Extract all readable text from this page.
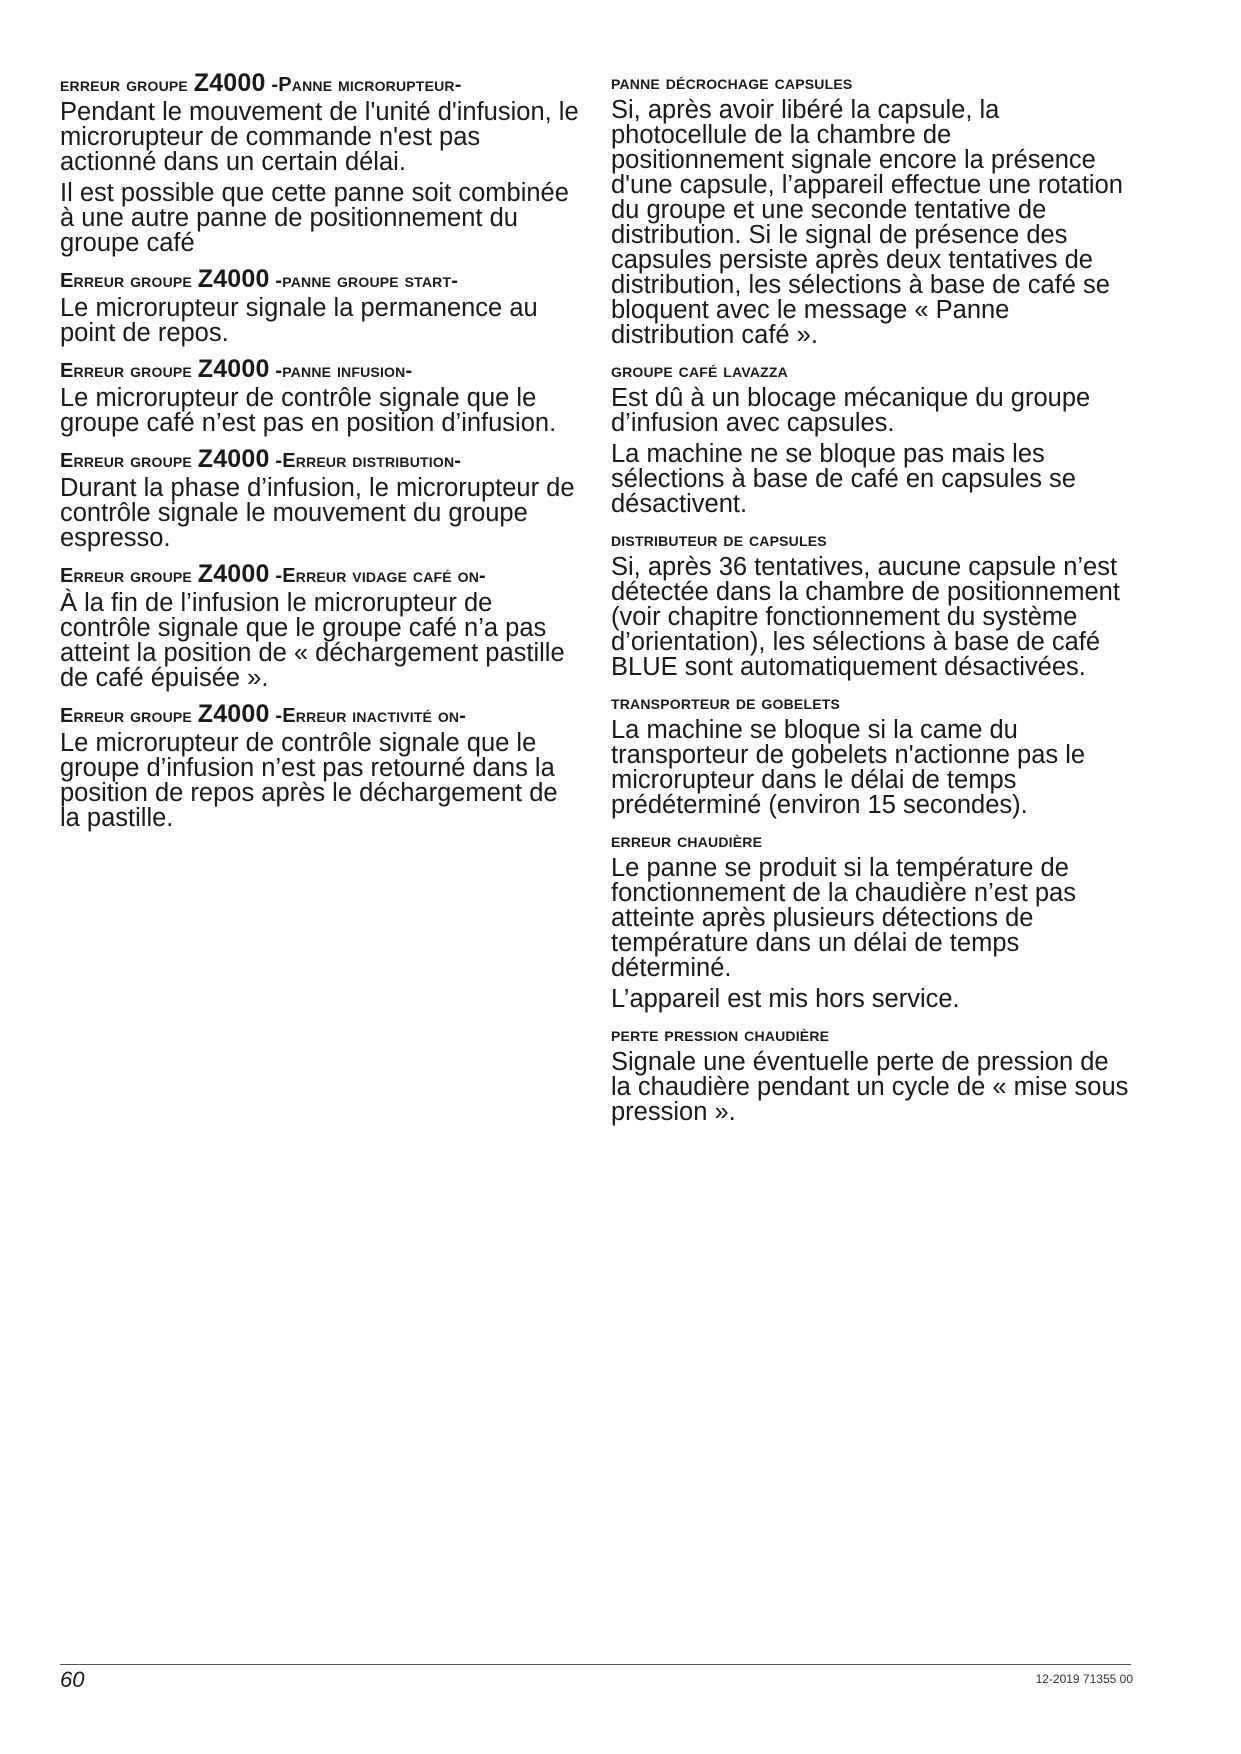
erreur groupe Z4000 -Panne microrupteur-
Pendant le mouvement de l'unité d'infusion, le microrupteur de commande n'est pas actionné dans un certain délai.
Il est possible que cette panne soit combinée à une autre panne de positionnement du groupe café
Erreur groupe Z4000 -panne groupe start-
Le microrupteur signale la permanence au point de repos.
Erreur groupe Z4000 -panne infusion-
Le microrupteur de contrôle signale que le groupe café n’est pas en position d’infusion.
Erreur groupe Z4000 -Erreur distribution-
Durant la phase d’infusion, le microrupteur de contrôle signale le mouvement du groupe espresso.
Erreur groupe Z4000 -Erreur vidage café on-
À la fin de l’infusion le microrupteur de contrôle signale que le groupe café n’a pas atteint la position de « déchargement pastille de café épuisée ».
Erreur groupe Z4000 -Erreur inactivité on-
Le microrupteur de contrôle signale que le groupe d’infusion n’est pas retourné dans la position de repos après le déchargement de la pastille.
panne décrochage capsules
Si, après avoir libéré la capsule, la photocellule de la chambre de positionnement signale encore la présence d'une capsule, l’appareil effectue une rotation du groupe et une seconde tentative de distribution. Si le signal de présence des capsules persiste après deux tentatives de distribution, les sélections à base de café se bloquent avec le message « Panne distribution café ».
groupe café lavazza
Est dû à un blocage mécanique du groupe d’infusion avec capsules.
La machine ne se bloque pas mais les sélections à base de café en capsules se désactivent.
distributeur de capsules
Si, après 36 tentatives, aucune capsule n’est détectée dans la chambre de positionnement (voir chapitre fonctionnement du système d’orientation), les sélections à base de café BLUE sont automatiquement désactivées.
transporteur de gobelets
La machine se bloque si la came du transporteur de gobelets n'actionne pas le microrupteur dans le délai de temps prédéterminé (environ 15 secondes).
erreur chaudière
Le panne se produit si la température de fonctionnement de la chaudière n’est pas atteinte après plusieurs détections de température dans un délai de temps déterminé.
L’appareil est mis hors service.
perte pression chaudière
Signale une éventuelle perte de pression de la chaudière pendant un cycle de « mise sous pression ».
60	12-2019 71355 00
